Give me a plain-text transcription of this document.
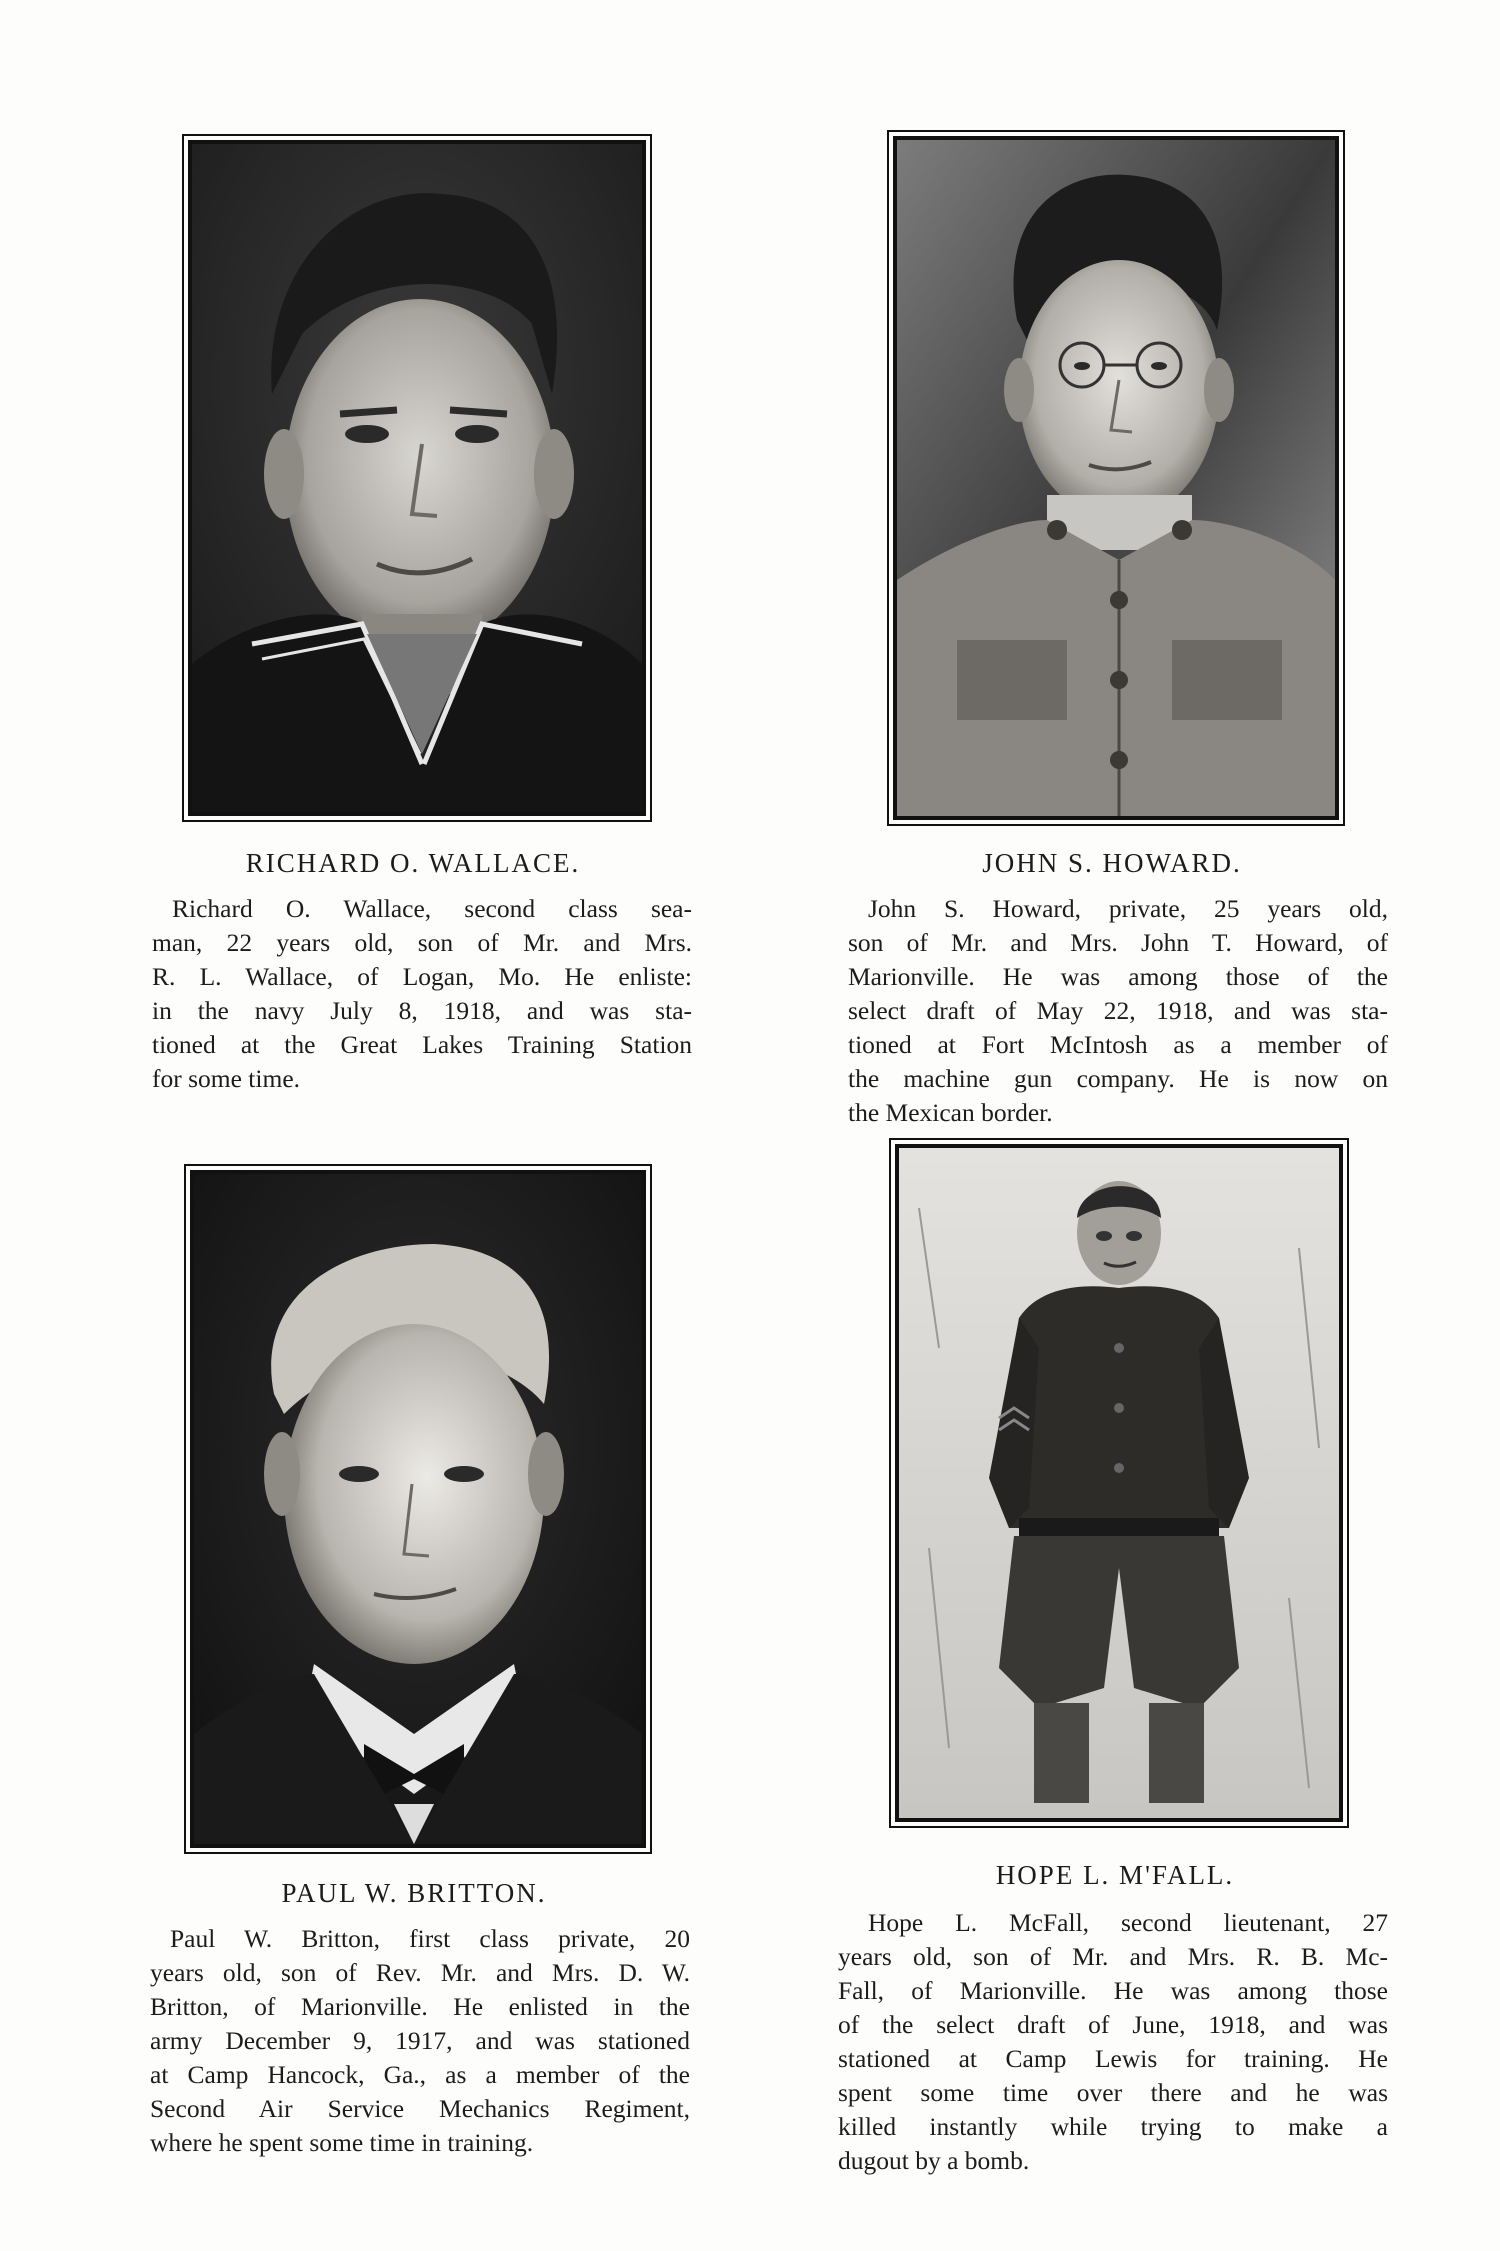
RICHARD O. WALLACE.
Richard O. Wallace, second class sea-
man, 22 years old, son of Mr. and Mrs.
R. L. Wallace, of Logan, Mo. He enliste:
in the navy July 8, 1918, and was sta-
tioned at the Great Lakes Training Station
for some time.
JOHN S. HOWARD.
John S. Howard, private, 25 years old,
son of Mr. and Mrs. John T. Howard, of
Marionville. He was among those of the
select draft of May 22, 1918, and was sta-
tioned at Fort McIntosh as a member of
the machine gun company. He is now on
the Mexican border.
PAUL W. BRITTON.
Paul W. Britton, first class private, 20
years old, son of Rev. Mr. and Mrs. D. W.
Britton, of Marionville. He enlisted in the
army December 9, 1917, and was stationed
at Camp Hancock, Ga., as a member of the
Second Air Service Mechanics Regiment,
where he spent some time in training.
HOPE L. M'FALL.
Hope L. McFall, second lieutenant, 27
years old, son of Mr. and Mrs. R. B. Mc-
Fall, of Marionville. He was among those
of the select draft of June, 1918, and was
stationed at Camp Lewis for training. He
spent some time over there and he was
killed instantly while trying to make a
dugout by a bomb.
